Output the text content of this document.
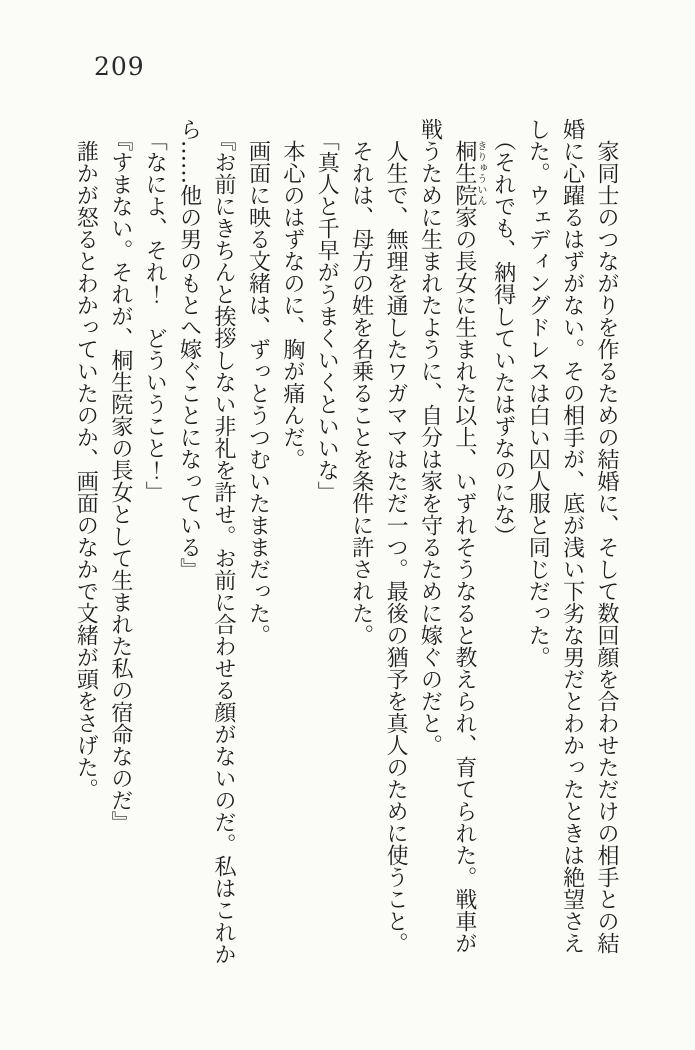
209

家同士のつながりを作るための結婚に、そして数回顔を合わせただけの相手との結婚に心躍るはずがない。その相手が、底が浅い下劣な男だとわかったときは絶望さえした。ウェディングドレスは白い囚人服と同じだった。

（それでも、納得していたはずなのにな）

桐生院きりゅういん家の長女に生まれた以上、いずれそうなると教えられ、育てられた。戦車が戦うために生まれたように、自分は家を守るために嫁ぐのだと。

人生で、無理を通したワガママはただ一つ。最後の猶予を真人のために使うこと。

それは、母方の姓を名乗ることを条件に許された。

「真人と千早がうまくいくといいな」

本心のはずなのに、胸が痛んだ。

画面に映る文緒は、ずっとうつむいたままだった。

『お前にきちんと挨拶しない非礼を許せ。お前に合わせる顔がないのだ。私はこれから……他の男のもとへ嫁ぐことになっている』

「なによ、それ！　どういうこと！」

『すまない。それが、桐生院家の長女として生まれた私の宿命なのだ』

誰かが怒るとわかっていたのか、画面のなかで文緒が頭をさげた。
